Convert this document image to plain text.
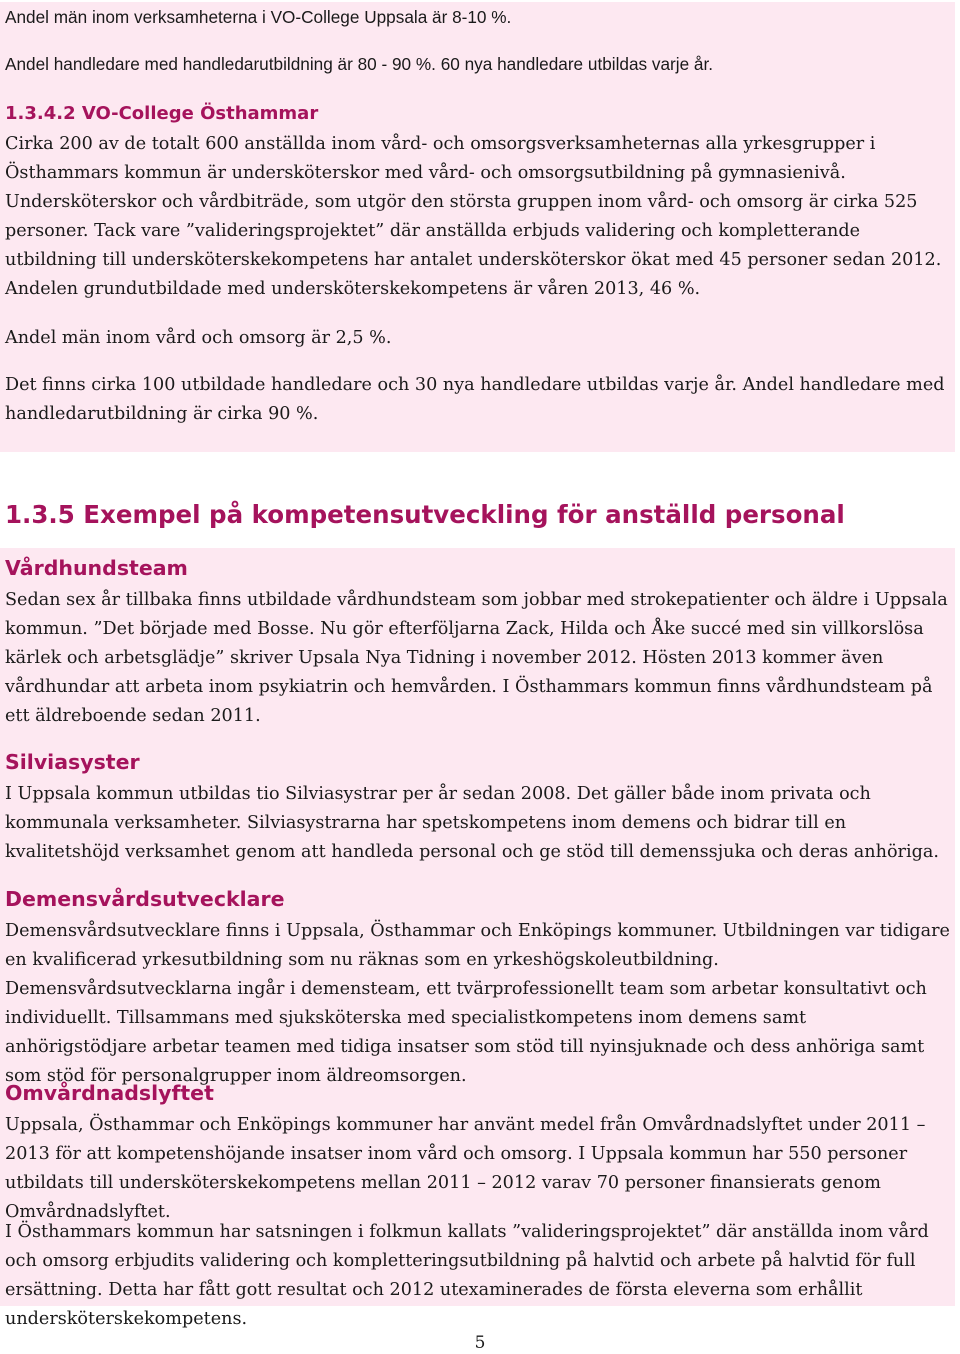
Andel män inom verksamheterna i VO-College Uppsala är 8-10 %.

Andel handledare med handledarutbildning är 80 - 90 %. 60 nya handledare utbildas varje år.

1.3.4.2 VO-College Östhammar

Cirka 200 av de totalt 600 anställda inom vård- och omsorgsverksamheternas alla yrkesgrupper i Östhammars kommun är undersköterskor med vård- och omsorgsutbildning på gymnasienivå. Undersköterskor och vårdbiträde, som utgör den största gruppen inom vård- och omsorg är cirka 525 personer. Tack vare ”valideringsprojektet” där anställda erbjuds validering och kompletterande utbildning till undersköterskekompetens har antalet undersköterskor ökat med 45 personer sedan 2012. Andelen grundutbildade med undersköterskekompetens är våren 2013, 46 %.

Andel män inom vård och omsorg är 2,5 %.

Det finns cirka 100 utbildade handledare och 30 nya handledare utbildas varje år. Andel handledare med handledarutbildning är cirka 90 %.

1.3.5 Exempel på kompetensutveckling för anställd personal
Vårdhundsteam

Sedan sex år tillbaka finns utbildade vårdhundsteam som jobbar med strokepatienter och äldre i Uppsala kommun. ”Det började med Bosse. Nu gör efterföljarna Zack, Hilda och Åke succé med sin villkorslösa kärlek och arbetsglädje” skriver Upsala Nya Tidning i november 2012. Hösten 2013 kommer även vårdhundar att arbeta inom psykiatrin och hemvården. I Östhammars kommun finns vårdhundsteam på ett äldreboende sedan 2011.

Silviasyster

I Uppsala kommun utbildas tio Silviasystrar per år sedan 2008. Det gäller både inom privata och kommunala verksamheter. Silviasystrarna har spetskompetens inom demens och bidrar till en kvalitetshöjd verksamhet genom att handleda personal och ge stöd till demenssjuka och deras anhöriga.

Demensvårdsutvecklare

Demensvårdsutvecklare finns i Uppsala, Östhammar och Enköpings kommuner. Utbildningen var tidigare en kvalificerad yrkesutbildning som nu räknas som en yrkeshögskoleutbildning. Demensvårdsutvecklarna ingår i demensteam, ett tvärprofessionellt team som arbetar konsultativt och individuellt. Tillsammans med sjuksköterska med specialistkompetens inom demens samt anhörigstödjare arbetar teamen med tidiga insatser som stöd till nyinsjuknade och dess anhöriga samt som stöd för personalgrupper inom äldreomsorgen.

Omvårdnadslyftet

Uppsala, Östhammar och Enköpings kommuner har använt medel från Omvårdnadslyftet under 2011 – 2013 för att kompetenshöjande insatser inom vård och omsorg. I Uppsala kommun har 550 personer utbildats till undersköterskekompetens mellan 2011 – 2012 varav 70 personer finansierats genom Omvårdnadslyftet.

I Östhammars kommun har satsningen i folkmun kallats ”valideringsprojektet” där anställda inom vård och omsorg erbjudits validering och kompletteringsutbildning på halvtid och arbete på halvtid för full ersättning. Detta har fått gott resultat och 2012 utexaminerades de första eleverna som erhållit undersköterskekompetens.

5
